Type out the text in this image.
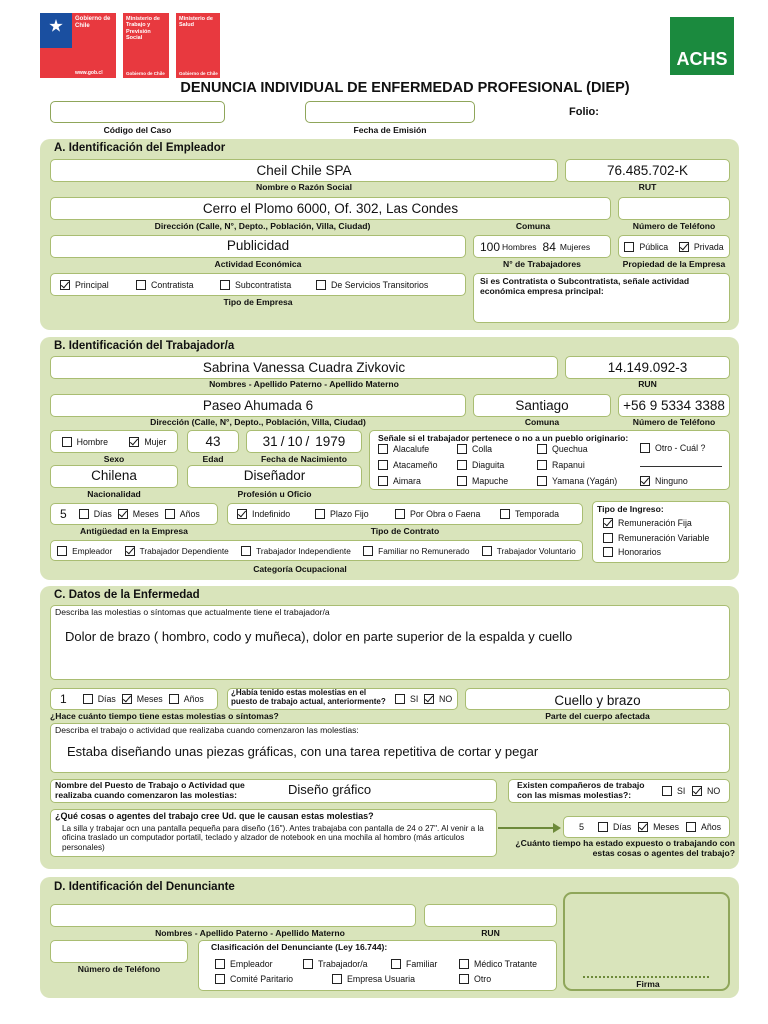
Gobierno de Chile
www.gob.cl
Ministerio de Trabajo y Previsión Social
Gobierno de Chile
Ministerio de Salud
Gobierno de Chile
ACHS
DENUNCIA INDIVIDUAL DE ENFERMEDAD PROFESIONAL (DIEP)
Código del Caso	Fecha de Emisión
Folio:
A. Identificación del Empleador
Cheil Chile SPA
Nombre o Razón Social
76.485.702-K
RUT
Cerro el Plomo 6000, Of. 302, Las Condes
Dirección (Calle, N°, Depto., Población, Villa, Ciudad)	Comuna	Número de Teléfono
Publicidad
Actividad Económica
100 Hombres 84 Mujeres
N° de Trabajadores
Pública	Privada
Propiedad de la Empresa
Principal	Contratista	Subcontratista	De Servicios Transitorios
Tipo de Empresa
Si es Contratista o Subcontratista, señale actividad económica empresa principal:
B. Identificación del Trabajador/a
Sabrina Vanessa Cuadra Zivkovic
Nombres - Apellido Paterno - Apellido Materno
14.149.092-3
RUN
Paseo Ahumada 6
Dirección (Calle, N°, Depto., Población, Villa, Ciudad)
Santiago
Comuna
+56 9 5334 3388
Número de Teléfono
Hombre	Mujer
Sexo
43
Edad
31 / 10 / 1979
Fecha de Nacimiento
Chilena
Nacionalidad
Diseñador
Profesión u Oficio
Señale si el trabajador pertenece o no a un pueblo originario:
Alacalufe
Atacameño
Aimara
Colla
Diaguita
Mapuche
Quechua
Rapanui
Yamana (Yagán)
Otro - Cuál ?
Ninguno
5	Días Meses Años
Antigüedad en la Empresa
Indefinido	Plazo Fijo	Por Obra o Faena	Temporada
Tipo de Contrato
Tipo de Ingreso:
Remuneración Fija
Remuneración Variable
Honorarios
Empleador	Trabajador Dependiente	Trabajador Independiente	Familiar no Remunerado	Trabajador Voluntario
Categoría Ocupacional
C. Datos de la Enfermedad
Describa las molestias o síntomas que actualmente tiene el trabajador/a
Dolor de brazo ( hombro, codo y muñeca), dolor en parte superior de la espalda y cuello
1	Días Meses Años
¿Hace cuánto tiempo tiene estas molestias o síntomas?
¿Había tenido estas molestias en el puesto de trabajo actual, anteriormente?	SI NO	Cuello y brazo
Parte del cuerpo afectada
Describa el trabajo o actividad que realizaba cuando comenzaron las molestias:
Estaba diseñando unas piezas gráficas, con una tarea repetitiva de cortar y pegar
Nombre del Puesto de Trabajo o Actividad que realizaba cuando comenzaron las molestias:	Diseño gráfico	Existen compañeros de trabajo con las mismas molestias?:	SI NO
¿Qué cosas o agentes del trabajo cree Ud. que le causan estas molestias?
La silla y trabajar ocn una pantalla pequeña para diseño (16"). Antes trabajaba con pantalla de 24 o 27". Al venir a la oficina traslado un computador portatil, teclado y alzador de notebook en una mochila al hombro (más articulos personales)
5	Días	Meses	Años
¿Cuánto tiempo ha estado expuesto o trabajando con estas cosas o agentes del trabajo?
D. Identificación del Denunciante
Nombres - Apellido Paterno - Apellido Materno	RUN
Número de Teléfono
Clasificación del Denunciante (Ley 16.744):
Empleador	Trabajador/a	Familiar	Médico Tratante
Comité Paritario	Empresa Usuaria	Otro	Firma
